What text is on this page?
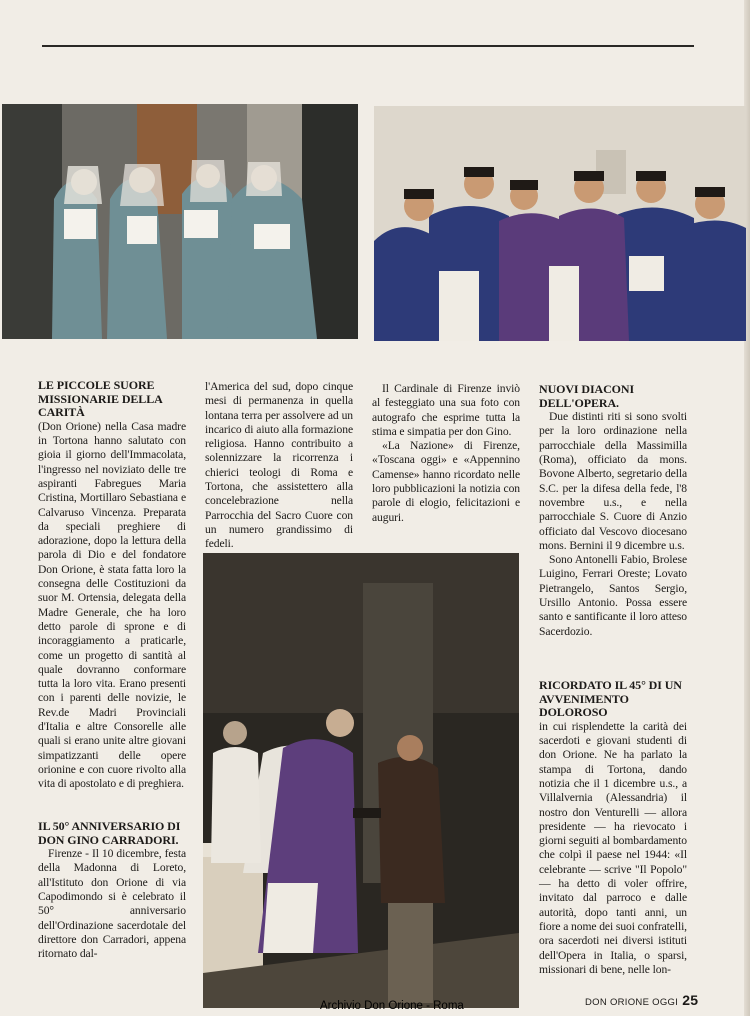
LE PICCOLE SUORE MISSIONARIE DELLA CARITÀ

(Don Orione) nella Casa madre in Tortona hanno salutato con gioia il giorno dell'Immacolata, l'ingresso nel noviziato delle tre aspiranti Fabregues Maria Cristina, Mortillaro Sebastiana e Calvaruso Vincenza. Preparata da speciali preghiere di adorazione, dopo la lettura della parola di Dio e del fondatore Don Orione, è stata fatta loro la consegna delle Costituzioni da suor M. Ortensia, delegata della Madre Generale, che ha loro detto parole di sprone e di incoraggiamento a praticarle, come un progetto di santità al quale dovranno conformare tutta la loro vita. Erano presenti con i parenti delle novizie, le Rev.de Madri Provinciali d'Italia e altre Consorelle alle quali si erano unite altre giovani simpatizzanti delle opere orionine e con cuore rivolto alla vita di apostolato e di preghiera.

IL 50° ANNIVERSARIO DI DON GINO CARRADORI.

Firenze - Il 10 dicembre, festa della Madonna di Loreto, all'Istituto don Orione di via Capodimondo si è celebrato il 50° anniversario dell'Ordinazione sacerdotale del direttore don Carradori, appena ritornato dal-

l'America del sud, dopo cinque mesi di permanenza in quella lontana terra per assolvere ad un incarico di aiuto alla formazione religiosa. Hanno contribuito a solennizzare la ricorrenza i chierici teologi di Roma e Tortona, che assistettero alla concelebrazione nella Parrocchia del Sacro Cuore con un numero grandissimo di fedeli.

Il Cardinale di Firenze inviò al festeggiato una sua foto con autografo che esprime tutta la stima e simpatia per don Gino.

«La Nazione» di Firenze, «Toscana oggi» e «Appennino Camense» hanno ricordato nelle loro pubblicazioni la notizia con parole di elogio, felicitazioni e auguri.

NUOVI DIACONI DELL'OPERA.

Due distinti riti si sono svolti per la loro ordinazione nella parrocchiale della Massimilla (Roma), officiato da mons. Bovone Alberto, segretario della S.C. per la difesa della fede, l'8 novembre u.s., e nella parrocchiale S. Cuore di Anzio officiato dal Vescovo diocesano mons. Bernini il 9 dicembre u.s.

Sono Antonelli Fabio, Brolese Luigino, Ferrari Oreste; Lovato Pietrangelo, Santos Sergio, Ursillo Antonio. Possa essere santo e santificante il loro atteso Sacerdozio.

RICORDATO IL 45° DI UN AVVENIMENTO DOLOROSO

in cui risplendette la carità dei sacerdoti e giovani studenti di don Orione. Ne ha parlato la stampa di Tortona, dando notizia che il 1 dicembre u.s., a Villalvernia (Alessandria) il nostro don Venturelli — allora presidente — ha rievocato i giorni seguiti al bombardamento che colpì il paese nel 1944: «Il celebrante — scrive "Il Popolo" — ha detto di voler offrire, invitato dal parroco e dalle autorità, dopo tanti anni, un fiore a nome dei suoi confratelli, ora sacerdoti nei diversi istituti dell'Opera in Italia, o sparsi, missionari di bene, nelle lon-

DON ORIONE OGGI 25
Archivio Don Orione - Roma
